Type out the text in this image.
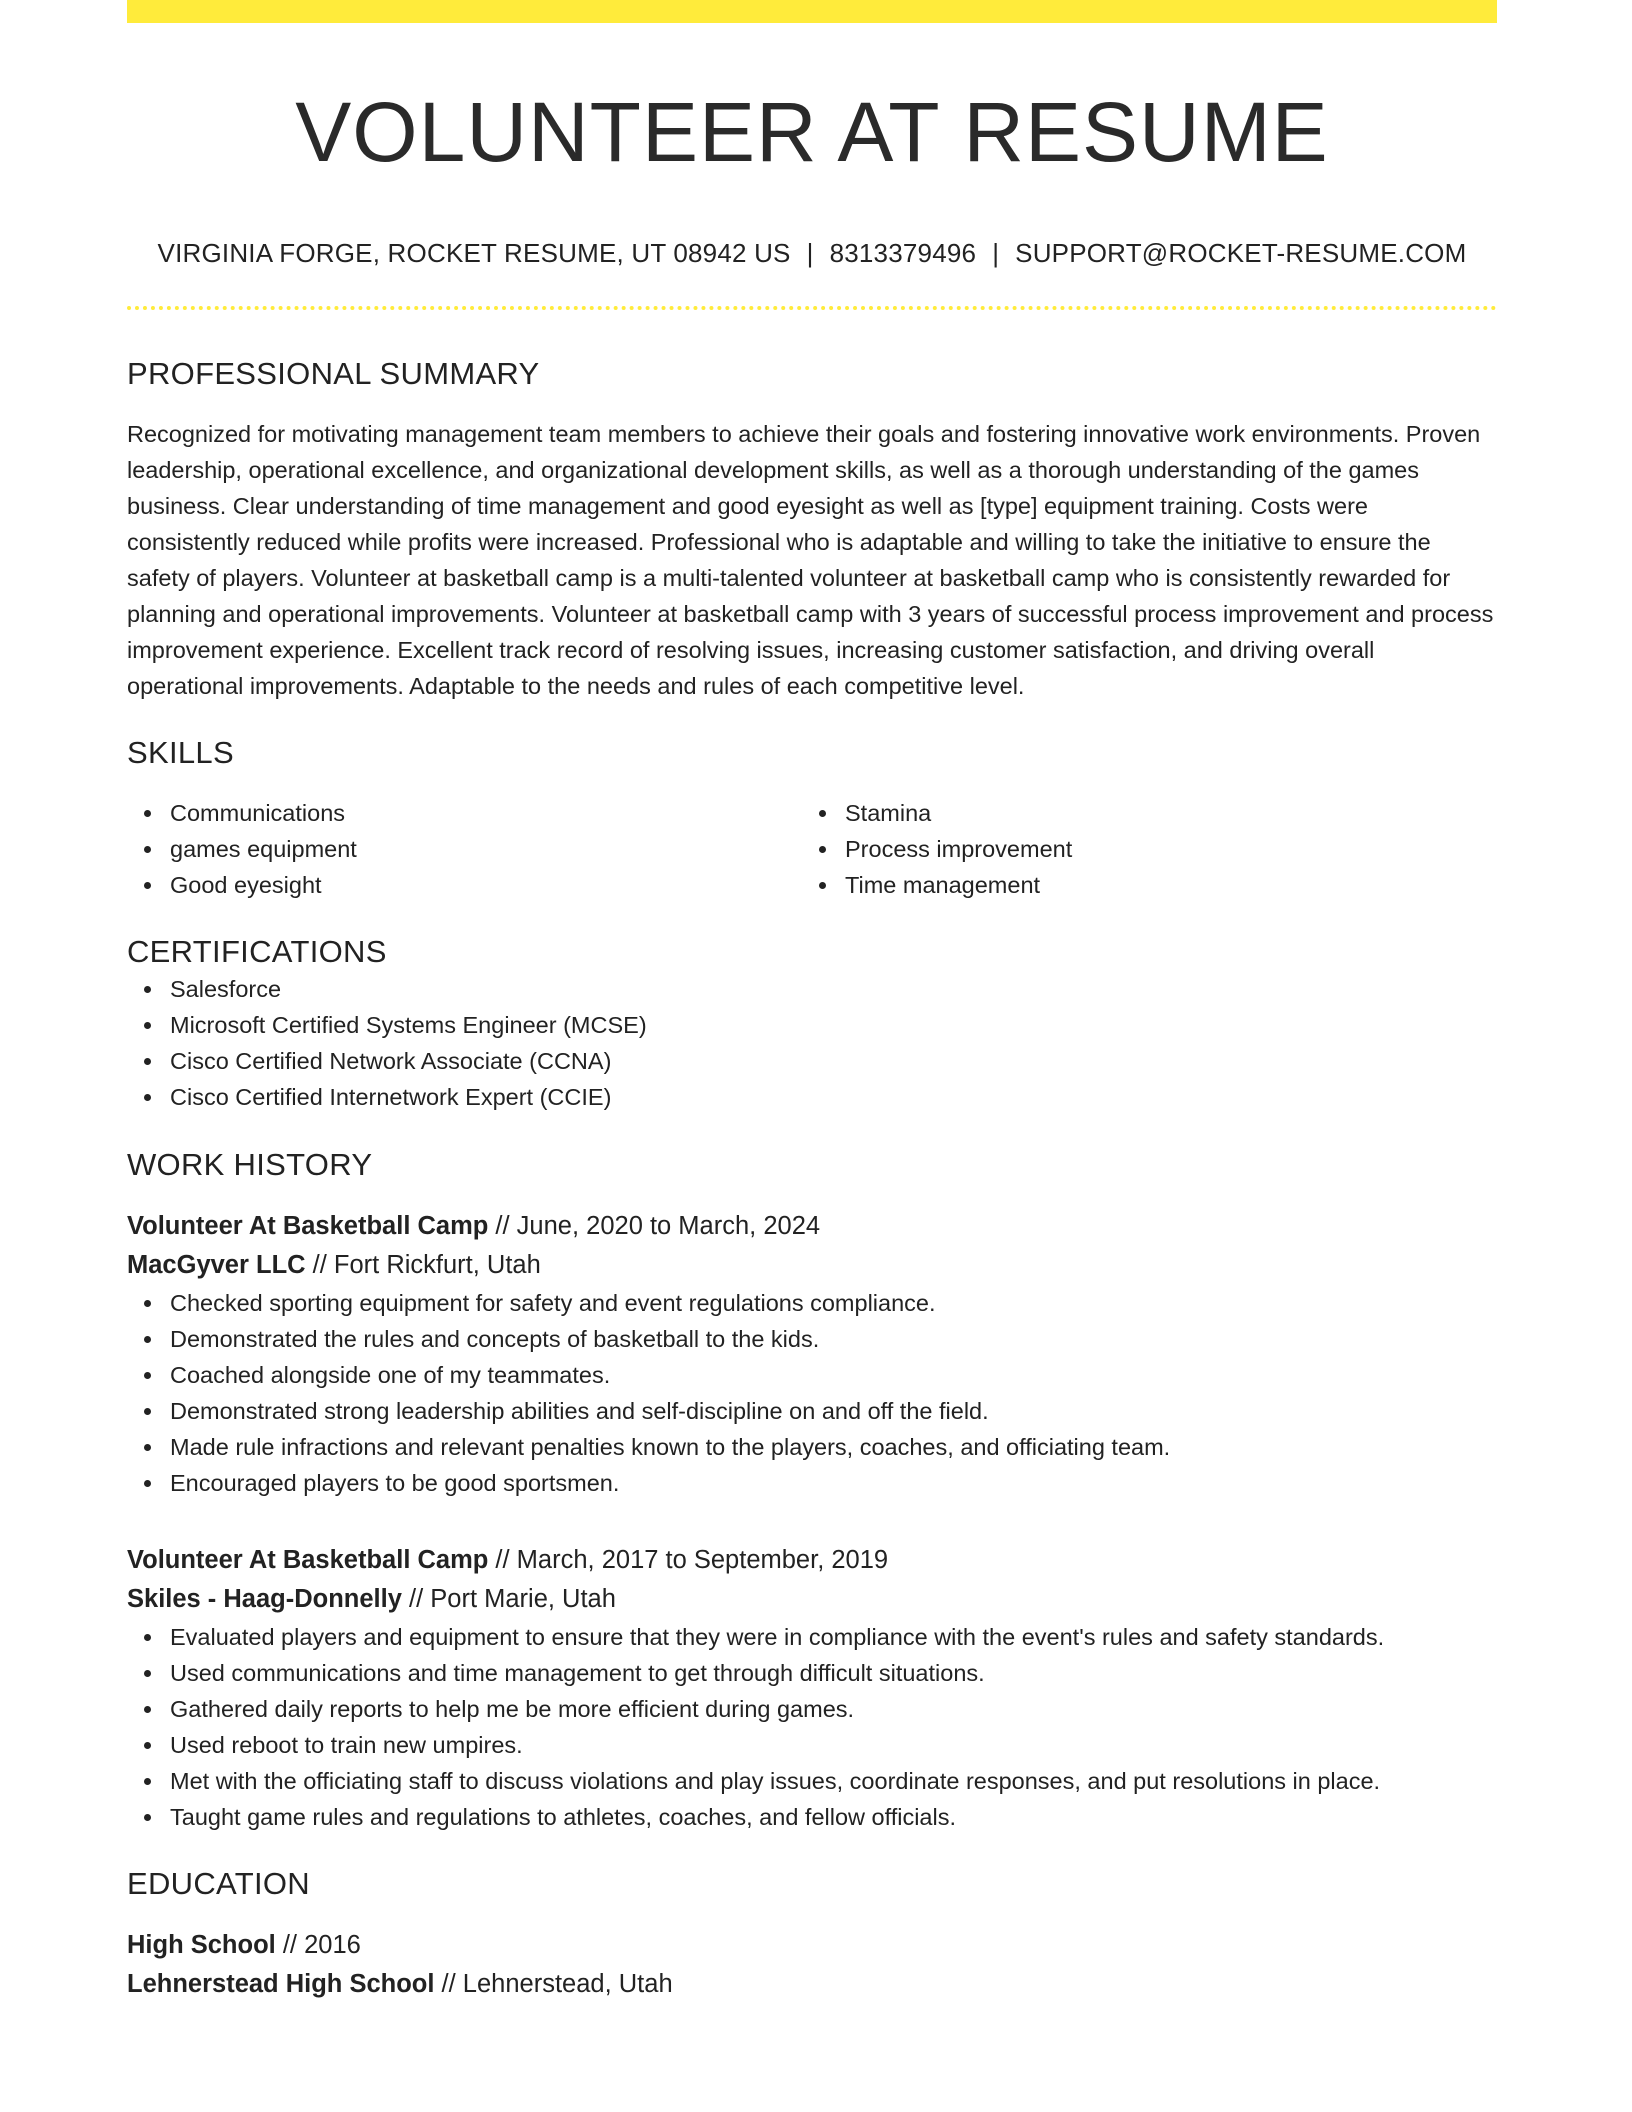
VOLUNTEER AT RESUME
VIRGINIA FORGE, ROCKET RESUME, UT 08942 US | 8313379496 | SUPPORT@ROCKET-RESUME.COM
PROFESSIONAL SUMMARY

Recognized for motivating management team members to achieve their goals and fostering innovative work environments. Proven leadership, operational excellence, and organizational development skills, as well as a thorough understanding of the games business. Clear understanding of time management and good eyesight as well as [type] equipment training. Costs were consistently reduced while profits were increased. Professional who is adaptable and willing to take the initiative to ensure the safety of players. Volunteer at basketball camp is a multi-talented volunteer at basketball camp who is consistently rewarded for planning and operational improvements. Volunteer at basketball camp with 3 years of successful process improvement and process improvement experience. Excellent track record of resolving issues, increasing customer satisfaction, and driving overall operational improvements. Adaptable to the needs and rules of each competitive level.

SKILLS
Communications
games equipment
Good eyesight
Stamina
Process improvement
Time management
CERTIFICATIONS
Salesforce
Microsoft Certified Systems Engineer (MCSE)
Cisco Certified Network Associate (CCNA)
Cisco Certified Internetwork Expert (CCIE)
WORK HISTORY
Volunteer At Basketball Camp // June, 2020 to March, 2024
MacGyver LLC // Fort Rickfurt, Utah
Checked sporting equipment for safety and event regulations compliance.
Demonstrated the rules and concepts of basketball to the kids.
Coached alongside one of my teammates.
Demonstrated strong leadership abilities and self-discipline on and off the field.
Made rule infractions and relevant penalties known to the players, coaches, and officiating team.
Encouraged players to be good sportsmen.
Volunteer At Basketball Camp // March, 2017 to September, 2019
Skiles - Haag-Donnelly // Port Marie, Utah
Evaluated players and equipment to ensure that they were in compliance with the event's rules and safety standards.
Used communications and time management to get through difficult situations.
Gathered daily reports to help me be more efficient during games.
Used reboot to train new umpires.
Met with the officiating staff to discuss violations and play issues, coordinate responses, and put resolutions in place.
Taught game rules and regulations to athletes, coaches, and fellow officials.
EDUCATION
High School // 2016
Lehnerstead High School // Lehnerstead, Utah
